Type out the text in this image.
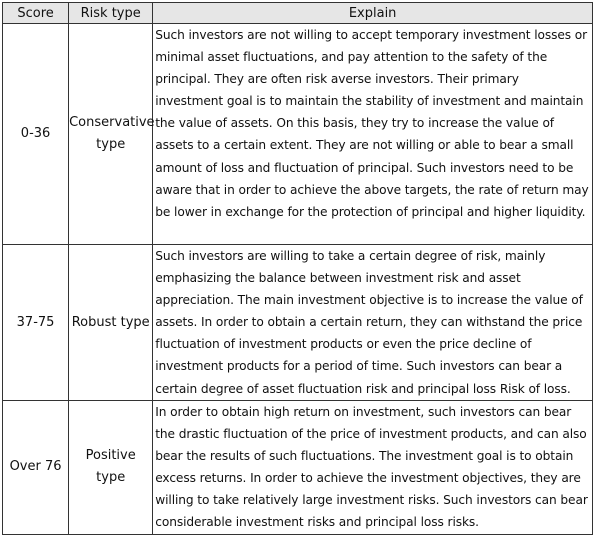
Score	Risk type	Explain
0-36	Conservative type	Such investors are not willing to accept temporary investment losses or minimal asset fluctuations, and pay attention to the safety of the principal. They are often risk averse investors. Their primary investment goal is to maintain the stability of investment and maintain the value of assets. On this basis, they try to increase the value of assets to a certain extent. They are not willing or able to bear a small amount of loss and fluctuation of principal. Such investors need to be aware that in order to achieve the above targets, the rate of return may be lower in exchange for the protection of principal and higher liquidity.
37-75	Robust type	Such investors are willing to take a certain degree of risk, mainly emphasizing the balance between investment risk and asset appreciation. The main investment objective is to increase the value of assets. In order to obtain a certain return, they can withstand the price fluctuation of investment products or even the price decline of investment products for a period of time. Such investors can bear a certain degree of asset fluctuation risk and principal loss Risk of loss.
Over 76	Positive type	In order to obtain high return on investment, such investors can bear the drastic fluctuation of the price of investment products, and can also bear the results of such fluctuations. The investment goal is to obtain excess returns. In order to achieve the investment objectives, they are willing to take relatively large investment risks. Such investors can bear considerable investment risks and principal loss risks.
